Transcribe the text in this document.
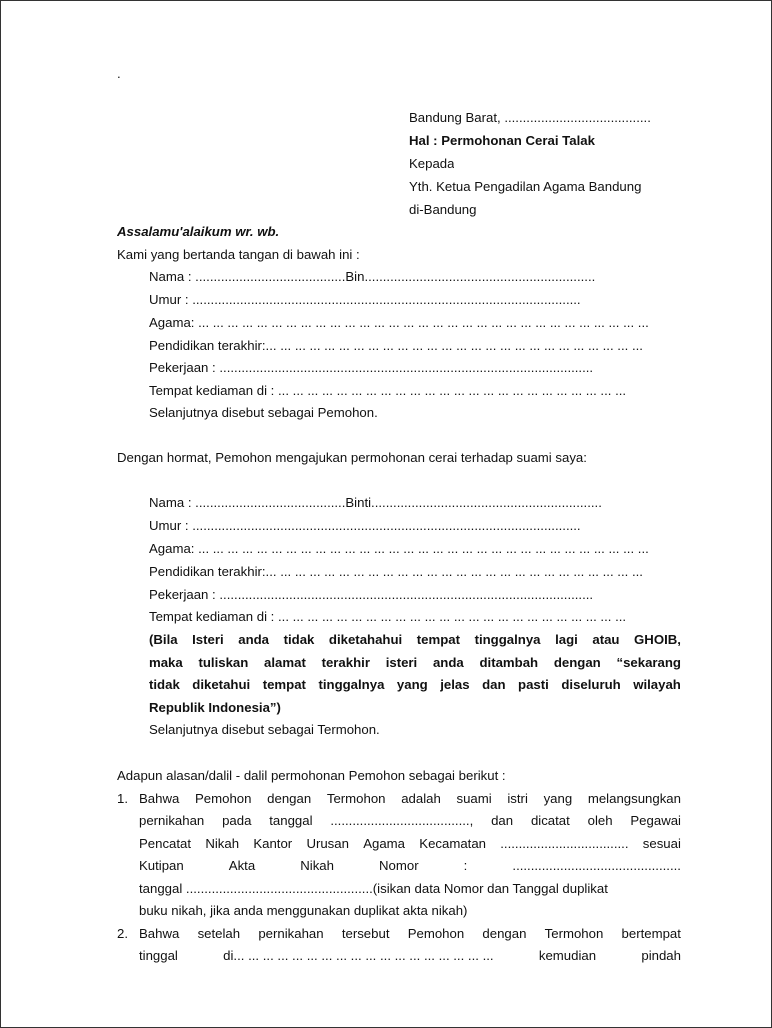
.
Bandung Barat, ........................................
Hal : Permohonan Cerai Talak
Kepada
Yth. Ketua Pengadilan Agama Bandung
di-Bandung
Assalamu'alaikum wr. wb.
Kami yang bertanda tangan di bawah ini :
Nama : .........................................Bin...............................................................
Umur : ..........................................................................................................
Agama: ... ... ... ... ... ... ... ... ... ... ... ... ... ... ... ... ... ... ... ... ... ... ... ... ... ... ... ... ... ... ...
Pendidikan terakhir:... ... ... ... ... ... ... ... ... ... ... ... ... ... ... ... ... ... ... ... ... ... ... ... ... ...
Pekerjaan : ......................................................................................................
Tempat kediaman di : ... ... ... ... ... ... ... ... ... ... ... ... ... ... ... ... ... ... ... ... ... ... ... ...
Selanjutnya disebut sebagai Pemohon.
Dengan hormat, Pemohon mengajukan permohonan cerai terhadap suami saya:
Nama : .........................................Binti...............................................................
Umur : ..........................................................................................................
Agama: ... ... ... ... ... ... ... ... ... ... ... ... ... ... ... ... ... ... ... ... ... ... ... ... ... ... ... ... ... ... ...
Pendidikan terakhir:... ... ... ... ... ... ... ... ... ... ... ... ... ... ... ... ... ... ... ... ... ... ... ... ... ...
Pekerjaan : ......................................................................................................
Tempat kediaman di : ... ... ... ... ... ... ... ... ... ... ... ... ... ... ... ... ... ... ... ... ... ... ... ...
(Bila Isteri anda tidak diketahahui tempat tinggalnya lagi atau GHOIB,
maka tuliskan alamat terakhir isteri anda ditambah dengan “sekarang
tidak diketahui tempat tinggalnya yang jelas dan pasti diseluruh wilayah
Republik Indonesia”)
Selanjutnya disebut sebagai Termohon.
Adapun alasan/dalil - dalil permohonan Pemohon sebagai berikut :
1. Bahwa Pemohon dengan Termohon adalah suami istri yang melangsungkan
pernikahan pada tanggal ......................................, dan dicatat oleh Pegawai
Pencatat Nikah Kantor Urusan Agama Kecamatan ................................... sesuai
Kutipan	Akta	Nikah	Nomor	:	..............................................
tanggal ...................................................(isikan data Nomor dan Tanggal duplikat
buku nikah, jika anda menggunakan duplikat akta nikah)
2. Bahwa setelah pernikahan tersebut Pemohon dengan Termohon bertempat
tinggal	di... ... ... ... ... ... ... ... ... ... ... ... ... ... ... ... ... ...	kemudian	pindah
